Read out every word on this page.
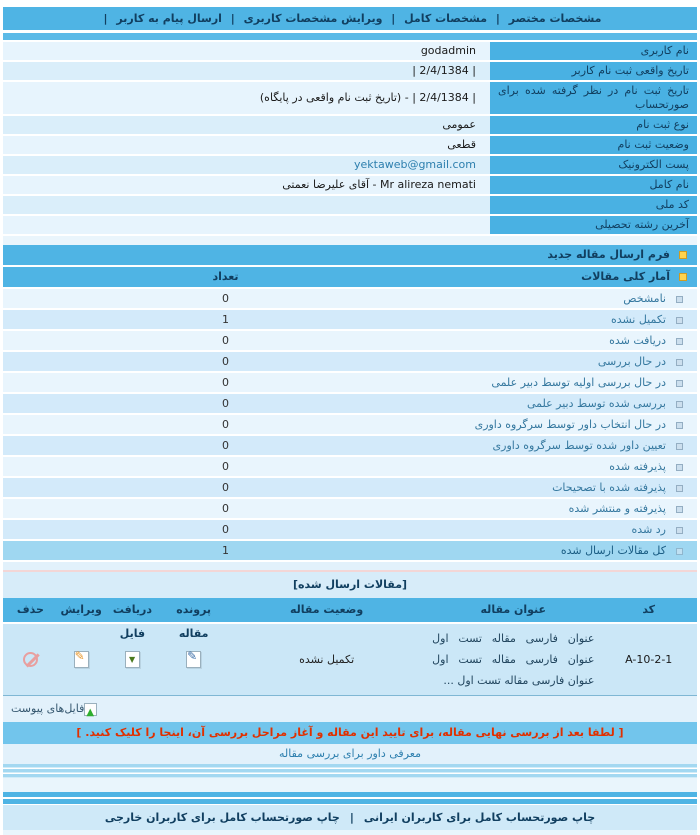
مشخصات مختصر | مشخصات کامل | ویرایش مشخصات کاربری | ارسال پیام به کاربر |
نام کاربری
godadmin
تاریخ واقعی ثبت نام کاربر
| 2/4/1384 |
تاریخ ثبت نام در نظر گرفته شده برای صورتحساب
| 2/4/1384 | - (تاریخ ثبت نام واقعی در پایگاه)
نوع ثبت نام
عمومی
وضعیت ثبت نام
قطعی
پست الکترونیک
yektaweb@gmail.com
نام کامل
Mr alireza nemati - آقای علیرضا نعمتی
کد ملی
آخرین رشته تحصیلی
فرم ارسال مقاله جدید
آمار کلی مقالات
تعداد
نامشخص
0
تکمیل نشده
1
دریافت شده
0
در حال بررسی
0
در حال بررسی اولیه توسط دبیر علمی
0
بررسی شده توسط دبیر علمی
0
در حال انتخاب داور توسط سرگروه داوری
0
تعیین داور شده توسط سرگروه داوری
0
پذیرفته شده
0
پذیرفته شده با تصحیحات
0
پذیرفته و منتشر شده
0
رد شده
0
کل مقالات ارسال شده
1
[مقالات ارسال شده]
کد
عنوان مقاله
وضعیت مقاله
پرونده مقاله
دریافت فایل
ویرایش
حذف
A-10-2-1
عنوان فارسی مقاله تست اول عنوان فارسی مقاله تست اول عنوان فارسی مقاله تست اول ...
تکمیل نشده
✎
▼
✎
▲
فایل‌های پیوست
[ لطفا بعد از بررسی نهایی مقاله، برای تایید این مقاله و آغاز مراحل بررسی آن، اینجا را کلیک کنید. ]
معرفی داور برای بررسی مقاله
چاپ صورتحساب کامل برای کاربران ایرانی|چاپ صورتحساب کامل برای کاربران خارجی
